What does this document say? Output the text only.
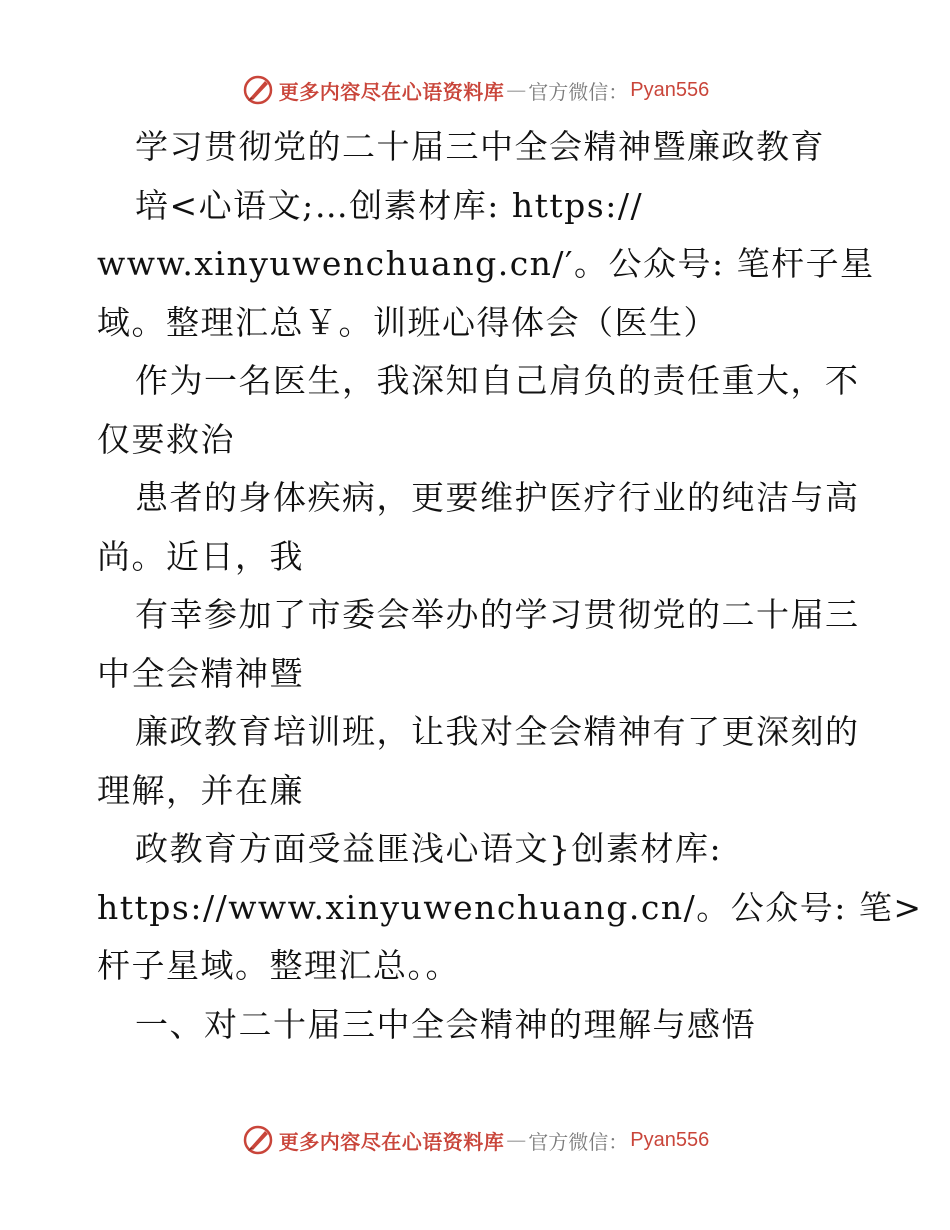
更多内容尽在心语资料库 — 官方微信： Pyan556

学习贯彻党的二十届三中全会精神暨廉政教育

培<心语文;…创素材库: https://

www.xinyuwenchuang.cn/′。公众号: 笔杆子星

域。整理汇总￥。训班心得体会（医生）

作为一名医生，我深知自己肩负的责任重大，不

仅要救治

患者的身体疾病，更要维护医疗行业的纯洁与高

尚。近日，我

有幸参加了市委会举办的学习贯彻党的二十届三

中全会精神暨

廉政教育培训班，让我对全会精神有了更深刻的

理解，并在廉

政教育方面受益匪浅心语文}创素材库:

https://www.xinyuwenchuang.cn/。公众号: 笔>

杆子星域。整理汇总。。

一、对二十届三中全会精神的理解与感悟

更多内容尽在心语资料库 — 官方微信： Pyan556
